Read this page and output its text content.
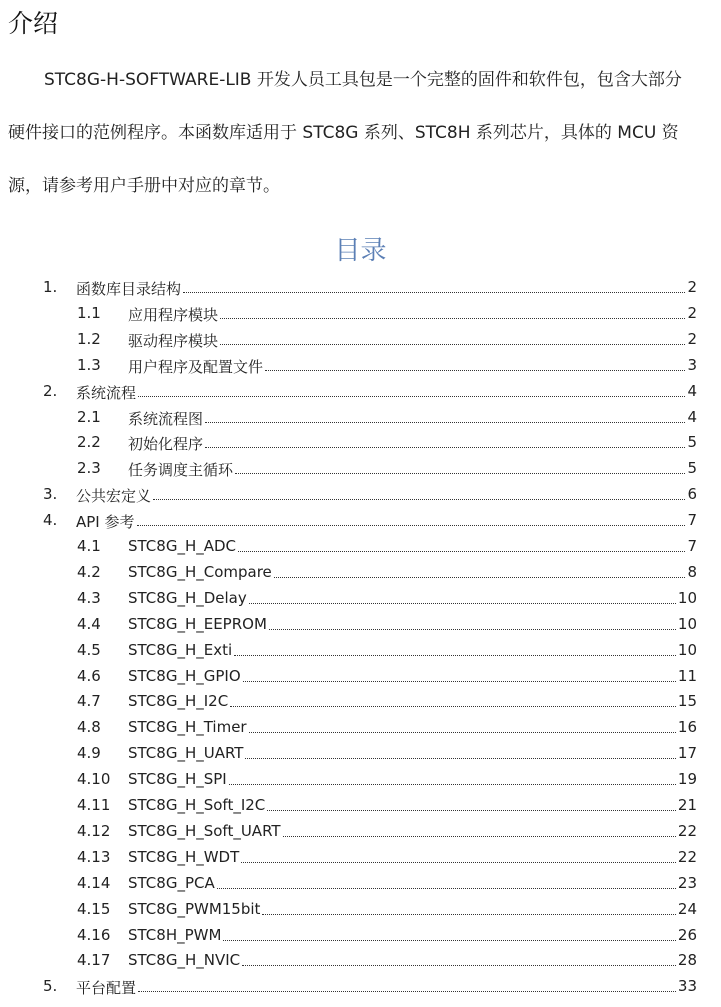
介绍

STC8G-H-SOFTWARE-LIB 开发人员工具包是一个完整的固件和软件包，包含大部分硬件接口的范例程序。本函数库适用于 STC8G 系列、STC8H 系列芯片，具体的 MCU 资源，请参考用户手册中对应的章节。

目录
1. 函数库目录结构	2
1.1 应用程序模块	2
1.2 驱动程序模块	2
1.3 用户程序及配置文件	3
2. 系统流程	4
2.1 系统流程图	4
2.2 初始化程序	5
2.3 任务调度主循环	5
3. 公共宏定义	6
4. API 参考	7
4.1 STC8G_H_ADC	7
4.2 STC8G_H_Compare	8
4.3 STC8G_H_Delay	10
4.4 STC8G_H_EEPROM	10
4.5 STC8G_H_Exti	10
4.6 STC8G_H_GPIO	11
4.7 STC8G_H_I2C	15
4.8 STC8G_H_Timer	16
4.9 STC8G_H_UART	17
4.10 STC8G_H_SPI	19
4.11 STC8G_H_Soft_I2C	21
4.12 STC8G_H_Soft_UART	22
4.13 STC8G_H_WDT	22
4.14 STC8G_PCA	23
4.15 STC8G_PWM15bit	24
4.16 STC8H_PWM	26
4.17 STC8G_H_NVIC	28
5. 平台配置	33
